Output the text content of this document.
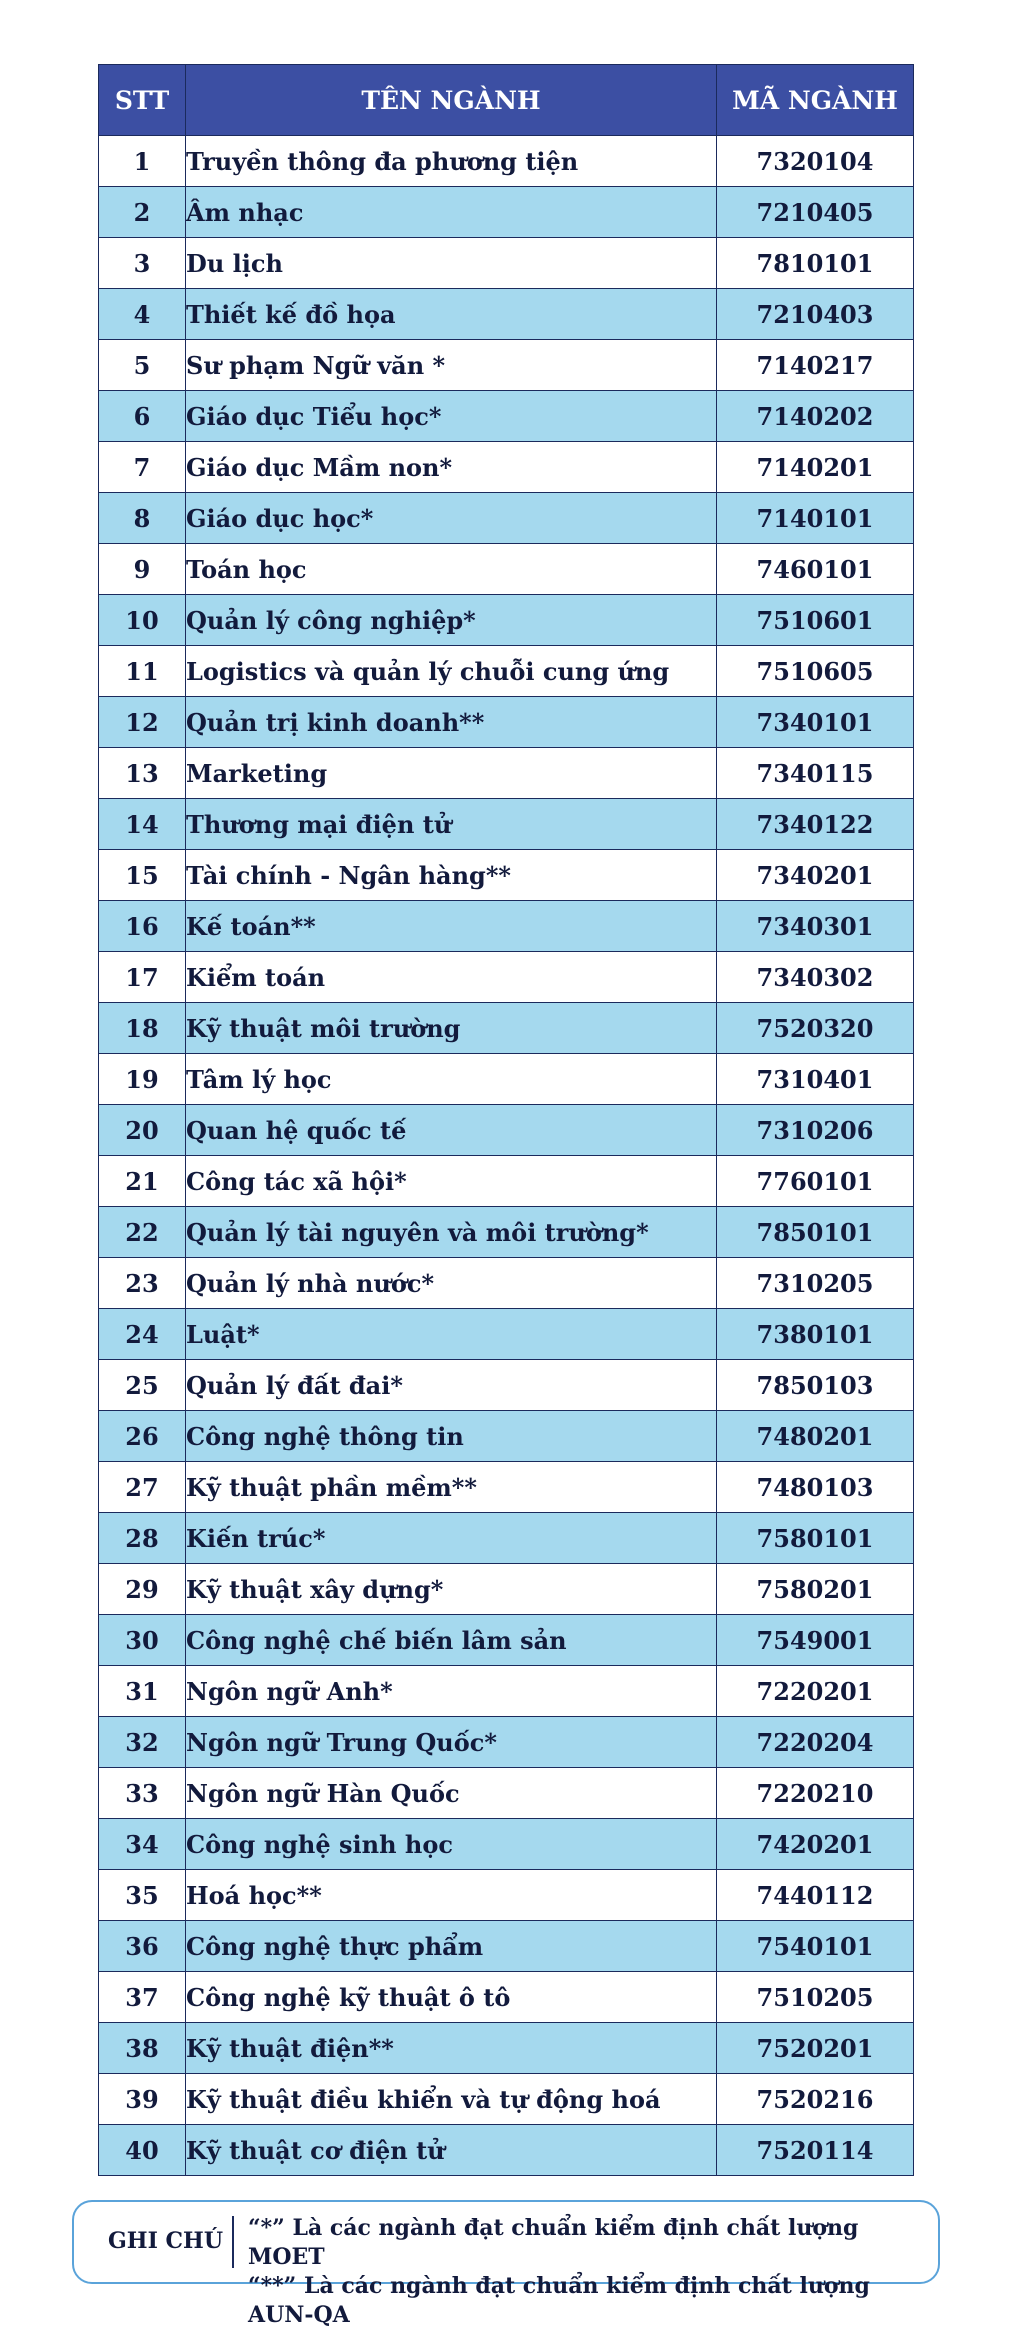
STT	TÊN NGÀNH	MÃ NGÀNH
1	Truyền thông đa phương tiện	7320104
2	Âm nhạc	7210405
3	Du lịch	7810101
4	Thiết kế đồ họa	7210403
5	Sư phạm Ngữ văn *	7140217
6	Giáo dục Tiểu học*	7140202
7	Giáo dục Mầm non*	7140201
8	Giáo dục học*	7140101
9	Toán học	7460101
10	Quản lý công nghiệp*	7510601
11	Logistics và quản lý chuỗi cung ứng	7510605
12	Quản trị kinh doanh**	7340101
13	Marketing	7340115
14	Thương mại điện tử	7340122
15	Tài chính - Ngân hàng**	7340201
16	Kế toán**	7340301
17	Kiểm toán	7340302
18	Kỹ thuật môi trường	7520320
19	Tâm lý học	7310401
20	Quan hệ quốc tế	7310206
21	Công tác xã hội*	7760101
22	Quản lý tài nguyên và môi trường*	7850101
23	Quản lý nhà nước*	7310205
24	Luật*	7380101
25	Quản lý đất đai*	7850103
26	Công nghệ thông tin	7480201
27	Kỹ thuật phần mềm**	7480103
28	Kiến trúc*	7580101
29	Kỹ thuật xây dựng*	7580201
30	Công nghệ chế biến lâm sản	7549001
31	Ngôn ngữ Anh*	7220201
32	Ngôn ngữ Trung Quốc*	7220204
33	Ngôn ngữ Hàn Quốc	7220210
34	Công nghệ sinh học	7420201
35	Hoá học**	7440112
36	Công nghệ thực phẩm	7540101
37	Công nghệ kỹ thuật ô tô	7510205
38	Kỹ thuật điện**	7520201
39	Kỹ thuật điều khiển và tự động hoá	7520216
40	Kỹ thuật cơ điện tử	7520114
GHI CHÚ “*” Là các ngành đạt chuẩn kiểm định chất lượng MOET
“**” Là các ngành đạt chuẩn kiểm định chất lượng AUN-QA
